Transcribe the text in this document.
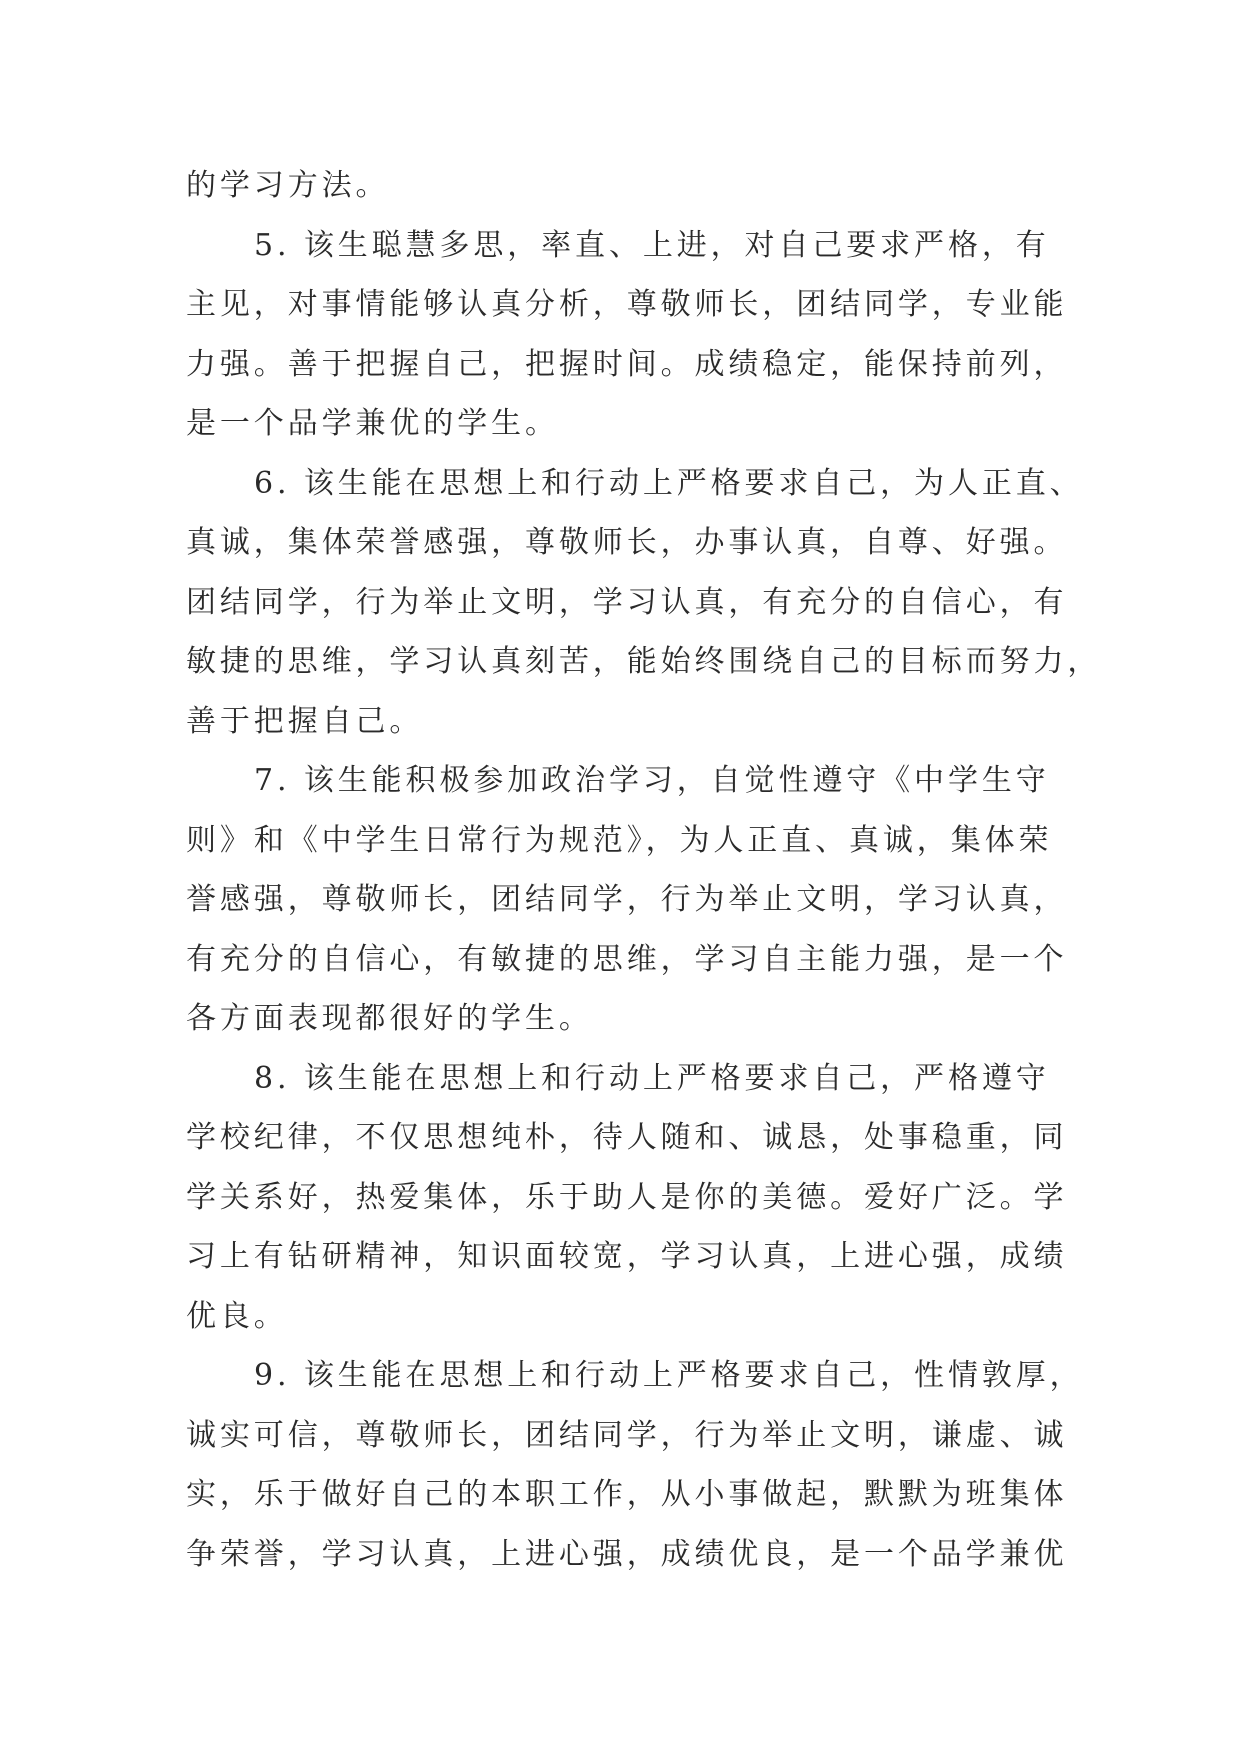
的学习方法。
5. 该生聪慧多思，率直、上进，对自己要求严格，有
主见，对事情能够认真分析，尊敬师长，团结同学，专业能
力强。善于把握自己，把握时间。成绩稳定，能保持前列，
是一个品学兼优的学生。
6. 该生能在思想上和行动上严格要求自己，为人正直、
真诚，集体荣誉感强，尊敬师长，办事认真，自尊、好强。
团结同学，行为举止文明，学习认真，有充分的自信心，有
敏捷的思维，学习认真刻苦，能始终围绕自己的目标而努力，
善于把握自己。
7. 该生能积极参加政治学习，自觉性遵守《中学生守
则》和《中学生日常行为规范》，为人正直、真诚，集体荣
誉感强，尊敬师长，团结同学，行为举止文明，学习认真，
有充分的自信心，有敏捷的思维，学习自主能力强，是一个
各方面表现都很好的学生。
8. 该生能在思想上和行动上严格要求自己，严格遵守
学校纪律，不仅思想纯朴，待人随和、诚恳，处事稳重，同
学关系好，热爱集体，乐于助人是你的美德。爱好广泛。学
习上有钻研精神，知识面较宽，学习认真，上进心强，成绩
优良。
9. 该生能在思想上和行动上严格要求自己，性情敦厚，
诚实可信，尊敬师长，团结同学，行为举止文明，谦虚、诚
实，乐于做好自己的本职工作，从小事做起，默默为班集体
争荣誉，学习认真，上进心强，成绩优良，是一个品学兼优
